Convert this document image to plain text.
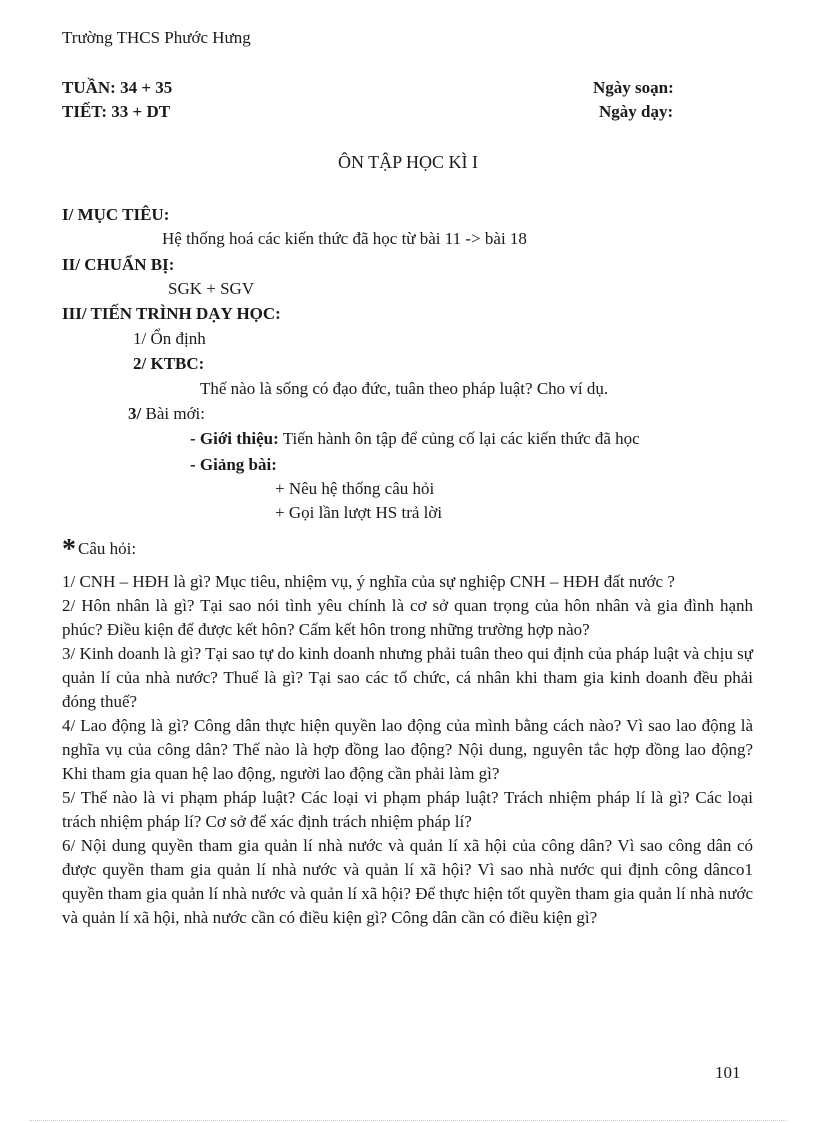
Trường THCS Phước Hưng
TUẦN: 34 + 35
TIẾT: 33 + DT
Ngày soạn:
Ngày dạy:
ÔN TẬP HỌC KÌ I
I/ MỤC TIÊU:
Hệ thống hoá các kiến thức đã học từ bài 11 -> bài 18
II/ CHUẨN BỊ:
SGK + SGV
III/ TIẾN TRÌNH DẠY HỌC:
1/ Ổn định
2/ KTBC:
Thế nào là sống có đạo đức, tuân theo pháp luật? Cho ví dụ.
3/ Bài mới:
- Giới thiệu: Tiến hành ôn tập để củng cố lại các kiến thức đã học
- Giảng bài:
+ Nêu hệ thống câu hỏi
+ Gọi lần lượt HS trả lời
* Câu hỏi:

1/ CNH – HĐH là gì? Mục tiêu, nhiệm vụ, ý nghĩa của sự nghiệp CNH – HĐH đất nước ?

2/ Hôn nhân là gì? Tại sao nói tình yêu chính là cơ sở quan trọng của hôn nhân và gia đình hạnh phúc? Điều kiện để được kết hôn? Cấm kết hôn trong những trường hợp nào?

3/ Kinh doanh là gì? Tại sao tự do kinh doanh nhưng phải tuân theo qui định của pháp luật và chịu sự quản lí của nhà nước? Thuế là gì? Tại sao các tổ chức, cá nhân khi tham gia kinh doanh đều phải đóng thuế?

4/ Lao động là gì? Công dân thực hiện quyền lao động của mình bằng cách nào? Vì sao lao động là nghĩa vụ của công dân? Thế nào là hợp đồng lao động? Nội dung, nguyên tắc hợp đồng lao động? Khi tham gia quan hệ lao động, người lao động cần phải làm gì?

5/ Thế nào là vi phạm pháp luật? Các loại vi phạm pháp luật? Trách nhiệm pháp lí là gì? Các loại trách nhiệm pháp lí? Cơ sở để xác định trách nhiệm pháp lí?

6/ Nội dung quyền tham gia quản lí nhà nước và quản lí xã hội của công dân? Vì sao công dân có được quyền tham gia quản lí nhà nước và quản lí xã hội? Vì sao nhà nước qui định công dânco1 quyền tham gia quản lí nhà nước và quản lí xã hội? Để thực hiện tốt quyền tham gia quản lí nhà nước và quản lí xã hội, nhà nước cần có điều kiện gì? Công dân cần có điều kiện gì?

101
